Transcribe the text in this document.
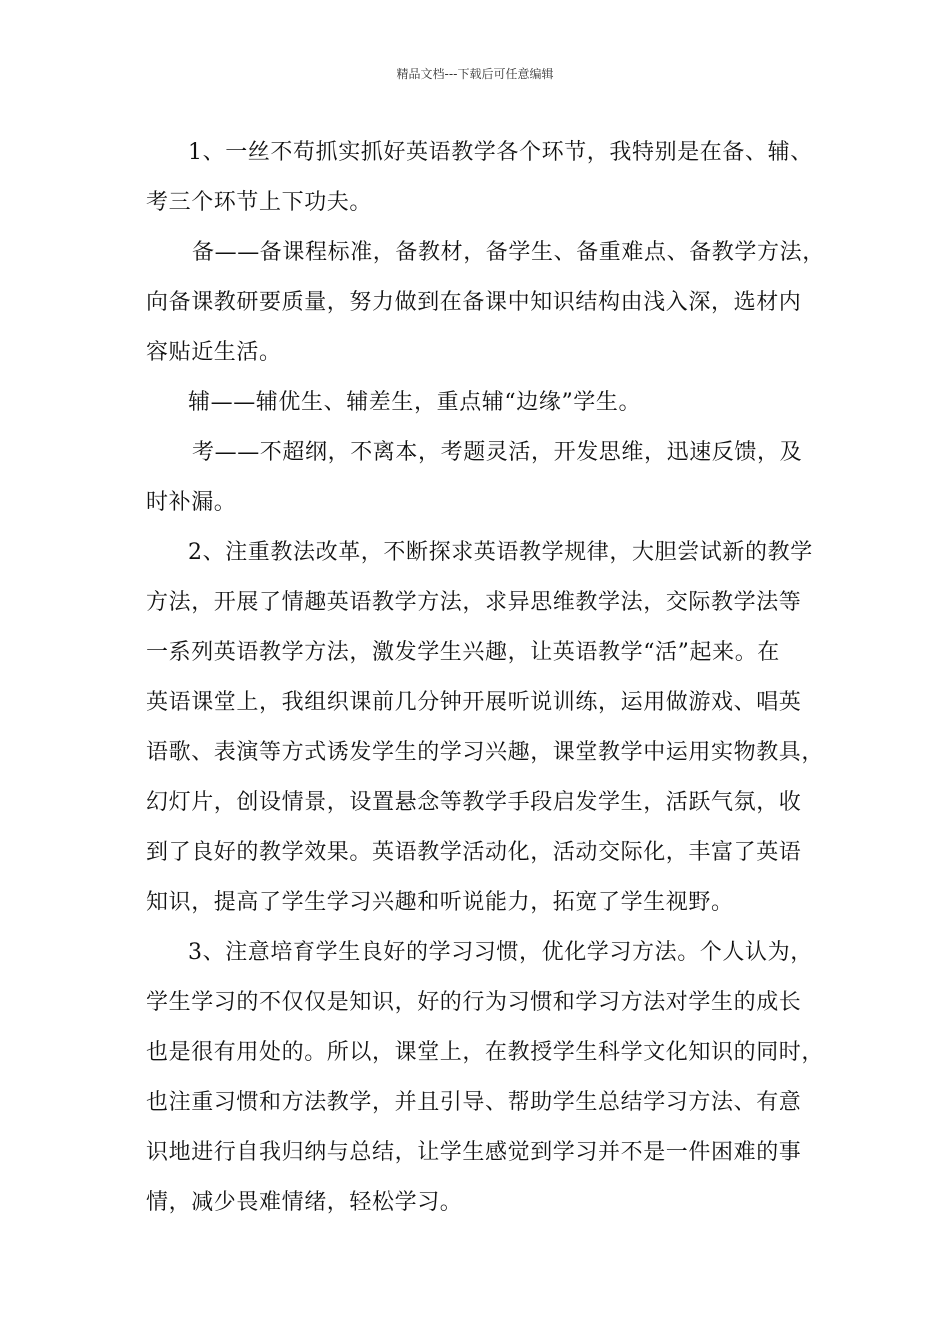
精品文档---下载后可任意编辑
1、一丝不苟抓实抓好英语教学各个环节，我特别是在备、辅、
考三个环节上下功夫。
备——备课程标准，备教材，备学生、备重难点、备教学方法，
向备课教研要质量，努力做到在备课中知识结构由浅入深，选材内
容贴近生活。
辅——辅优生、辅差生，重点辅“边缘”学生。
考——不超纲，不离本，考题灵活，开发思维，迅速反馈，及
时补漏。
2、注重教法改革，不断探求英语教学规律，大胆尝试新的教学
方法，开展了情趣英语教学方法，求异思维教学法，交际教学法等
一系列英语教学方法，激发学生兴趣，让英语教学“活”起来。在
英语课堂上，我组织课前几分钟开展听说训练，运用做游戏、唱英
语歌、表演等方式诱发学生的学习兴趣，课堂教学中运用实物教具，
幻灯片，创设情景，设置悬念等教学手段启发学生，活跃气氛，收
到了良好的教学效果。英语教学活动化，活动交际化，丰富了英语
知识，提高了学生学习兴趣和听说能力，拓宽了学生视野。
3、注意培育学生良好的学习习惯，优化学习方法。个人认为，
学生学习的不仅仅是知识，好的行为习惯和学习方法对学生的成长
也是很有用处的。所以，课堂上，在教授学生科学文化知识的同时，
也注重习惯和方法教学，并且引导、帮助学生总结学习方法、有意
识地进行自我归纳与总结，让学生感觉到学习并不是一件困难的事
情，减少畏难情绪，轻松学习。
